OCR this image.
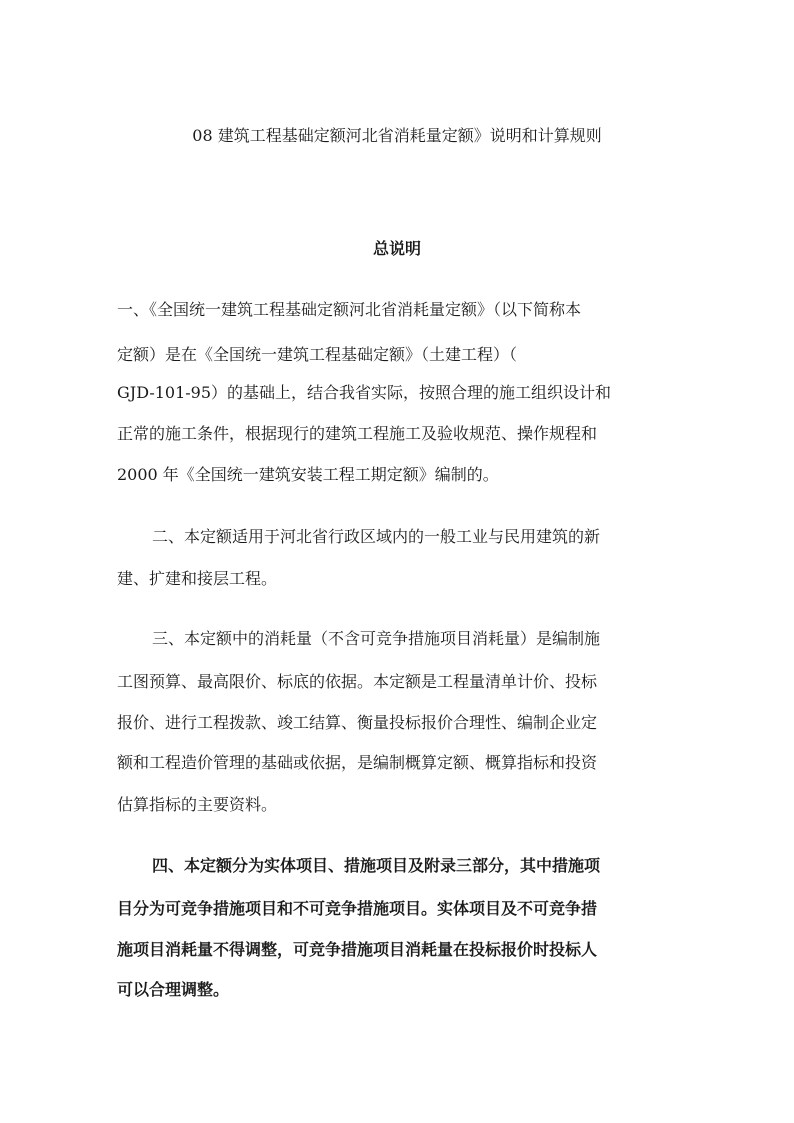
08 建筑工程基础定额河北省消耗量定额》说明和计算规则
总说明
一、《全国统一建筑工程基础定额河北省消耗量定额》（以下简称本
定额）是在《全国统一建筑工程基础定额》（土建工程）（
GJD-101-95）的基础上，结合我省实际，按照合理的施工组织设计和
正常的施工条件，根据现行的建筑工程施工及验收规范、操作规程和
2000 年《全国统一建筑安装工程工期定额》编制的。
二、本定额适用于河北省行政区域内的一般工业与民用建筑的新
建、扩建和接层工程。
三、本定额中的消耗量（不含可竞争措施项目消耗量）是编制施
工图预算、最高限价、标底的依据。本定额是工程量清单计价、投标
报价、进行工程拨款、竣工结算、衡量投标报价合理性、编制企业定
额和工程造价管理的基础或依据，是编制概算定额、概算指标和投资
估算指标的主要资料。
四、本定额分为实体项目、措施项目及附录三部分，其中措施项
目分为可竞争措施项目和不可竞争措施项目。实体项目及不可竞争措
施项目消耗量不得调整，可竞争措施项目消耗量在投标报价时投标人
可以合理调整。
